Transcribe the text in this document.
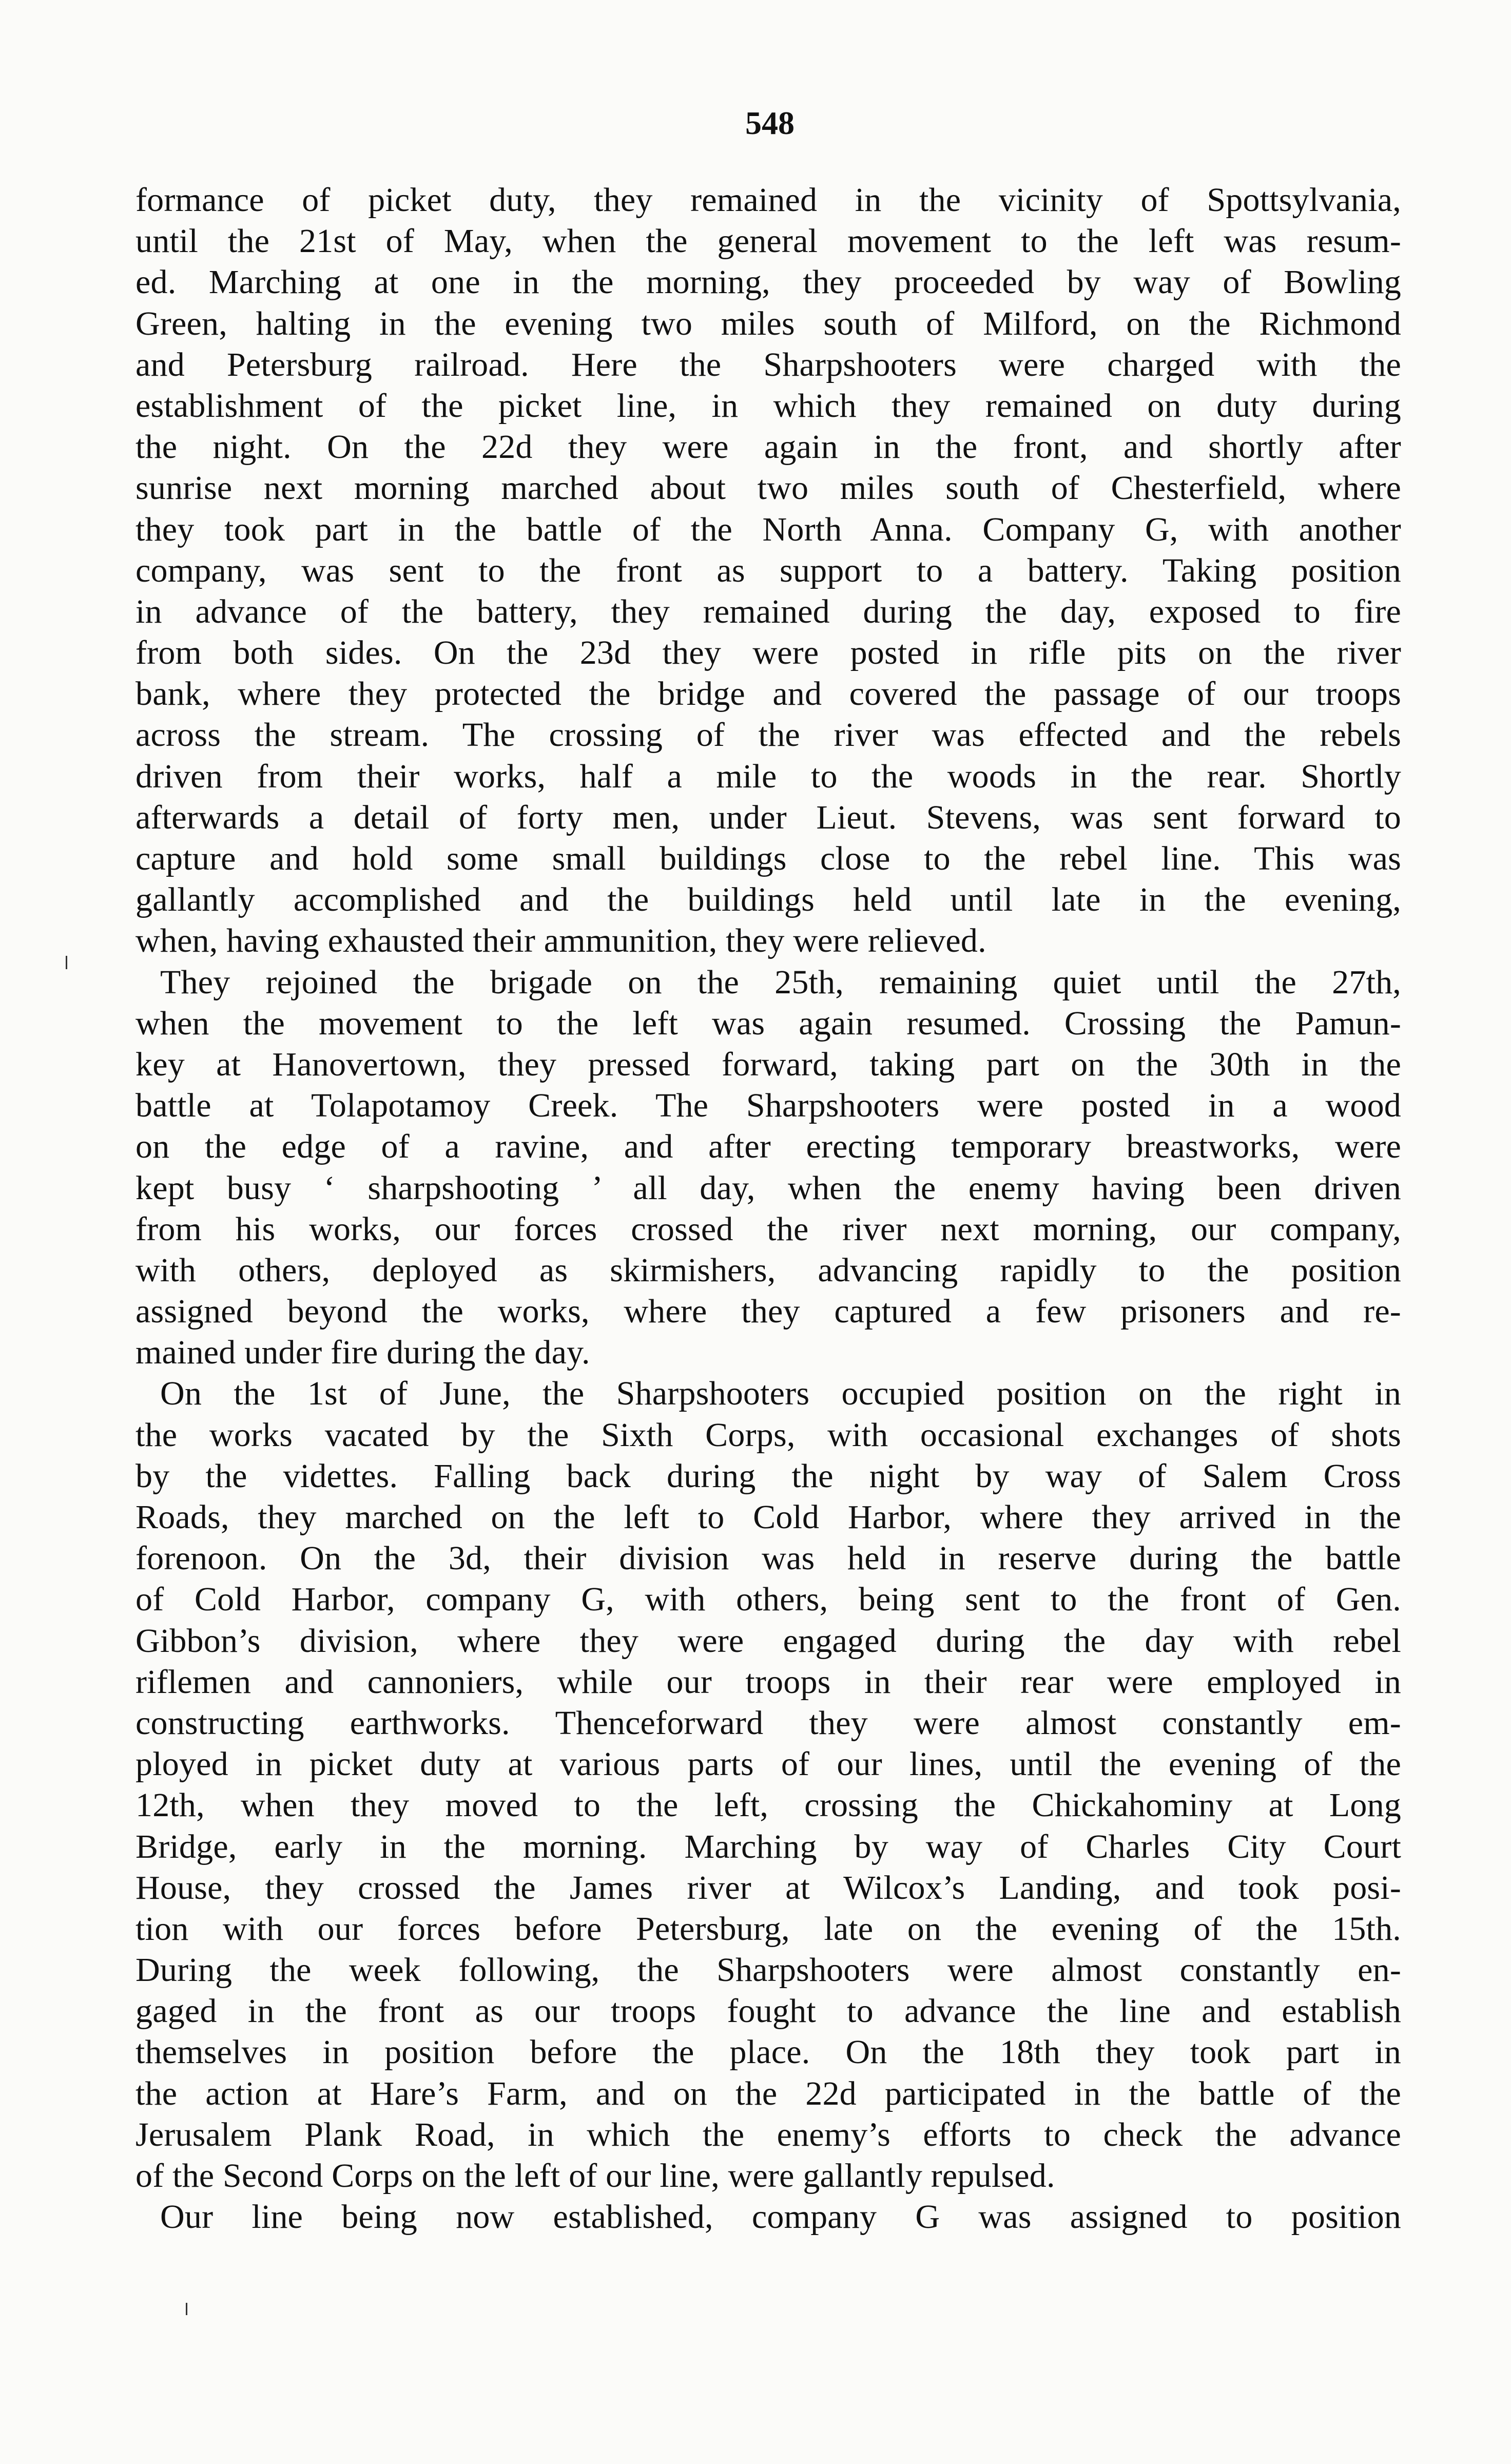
548
formance of picket duty, they remained in the vicinity of Spottsylvania,
until the 21st of May, when the general movement to the left was resum-
ed. Marching at one in the morning, they proceeded by way of Bowling
Green, halting in the evening two miles south of Milford, on the Richmond
and Petersburg railroad. Here the Sharpshooters were charged with the
establishment of the picket line, in which they remained on duty during
the night. On the 22d they were again in the front, and shortly after
sunrise next morning marched about two miles south of Chesterfield, where
they took part in the battle of the North Anna. Company G, with another
company, was sent to the front as support to a battery. Taking position
in advance of the battery, they remained during the day, exposed to fire
from both sides. On the 23d they were posted in rifle pits on the river
bank, where they protected the bridge and covered the passage of our troops
across the stream. The crossing of the river was effected and the rebels
driven from their works, half a mile to the woods in the rear. Shortly
afterwards a detail of forty men, under Lieut. Stevens, was sent forward to
capture and hold some small buildings close to the rebel line. This was
gallantly accomplished and the buildings held until late in the evening,
when, having exhausted their ammunition, they were relieved.
They rejoined the brigade on the 25th, remaining quiet until the 27th,
when the movement to the left was again resumed. Crossing the Pamun-
key at Hanovertown, they pressed forward, taking part on the 30th in the
battle at Tolapotamoy Creek. The Sharpshooters were posted in a wood
on the edge of a ravine, and after erecting temporary breastworks, were
kept busy ‘ sharpshooting ’ all day, when the enemy having been driven
from his works, our forces crossed the river next morning, our company,
with others, deployed as skirmishers, advancing rapidly to the position
assigned beyond the works, where they captured a few prisoners and re-
mained under fire during the day.
On the 1st of June, the Sharpshooters occupied position on the right in
the works vacated by the Sixth Corps, with occasional exchanges of shots
by the videttes. Falling back during the night by way of Salem Cross
Roads, they marched on the left to Cold Harbor, where they arrived in the
forenoon. On the 3d, their division was held in reserve during the battle
of Cold Harbor, company G, with others, being sent to the front of Gen.
Gibbon’s division, where they were engaged during the day with rebel
riflemen and cannoniers, while our troops in their rear were employed in
constructing earthworks. Thenceforward they were almost constantly em-
ployed in picket duty at various parts of our lines, until the evening of the
12th, when they moved to the left, crossing the Chickahominy at Long
Bridge, early in the morning. Marching by way of Charles City Court
House, they crossed the James river at Wilcox’s Landing, and took posi-
tion with our forces before Petersburg, late on the evening of the 15th.
During the week following, the Sharpshooters were almost constantly en-
gaged in the front as our troops fought to advance the line and establish
themselves in position before the place. On the 18th they took part in
the action at Hare’s Farm, and on the 22d participated in the battle of the
Jerusalem Plank Road, in which the enemy’s efforts to check the advance
of the Second Corps on the left of our line, were gallantly repulsed.
Our line being now established, company G was assigned to position
